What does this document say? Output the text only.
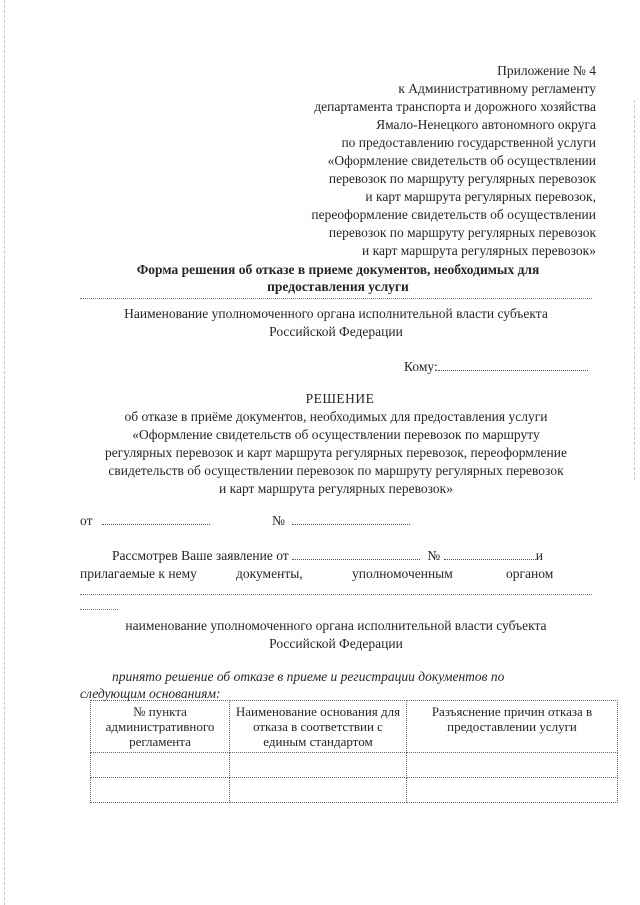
Приложение № 4
к Административному регламенту
департамента транспорта и дорожного хозяйства
Ямало-Ненецкого автономного округа
по предоставлению государственной услуги
«Оформление свидетельств об осуществлении
перевозок по маршруту регулярных перевозок
и карт маршрута регулярных перевозок,
переоформление свидетельств об осуществлении
перевозок по маршруту регулярных перевозок
и карт маршрута регулярных перевозок»
Форма решения об отказе в приеме документов, необходимых для
предоставления услуги
Наименование уполномоченного органа исполнительной власти субъекта
Российской Федерации
Кому:
РЕШЕНИЕ
об отказе в приёме документов, необходимых для предоставления услуги
«Оформление свидетельств об осуществлении перевозок по маршруту
регулярных перевозок и карт маршрута регулярных перевозок, переоформление
свидетельств об осуществлении перевозок по маршруту регулярных перевозок
и карт маршрута регулярных перевозок»
от	№
Рассмотрев Ваше заявление от	№	и
прилагаемые к нему	документы,	уполномоченным	органом
наименование уполномоченного органа исполнительной власти субъекта
Российской Федерации
принято решение об отказе в приеме и регистрации документов по
следующим основаниям:
№ пункта административного регламента	Наименование основания для отказа в соответствии с единым стандартом	Разъяснение причин отказа в предоставлении услуги
